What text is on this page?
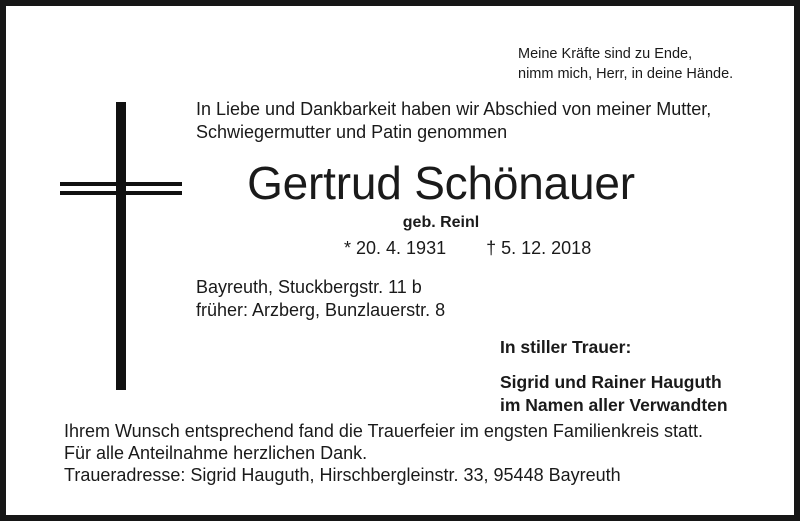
Meine Kräfte sind zu Ende,
nimm mich, Herr, in deine Hände.
In Liebe und Dankbarkeit haben wir Abschied von meiner Mutter,
Schwiegermutter und Patin genommen
Gertrud Schönauer
geb. Reinl
* 20. 4. 1931 † 5. 12. 2018
Bayreuth, Stuckbergstr. 11 b
früher: Arzberg, Bunzlauerstr. 8
In stiller Trauer:
Sigrid und Rainer Hauguth
im Namen aller Verwandten
Ihrem Wunsch entsprechend fand die Trauerfeier im engsten Familienkreis statt.
Für alle Anteilnahme herzlichen Dank.
Traueradresse: Sigrid Hauguth, Hirschbergleinstr. 33, 95448 Bayreuth
